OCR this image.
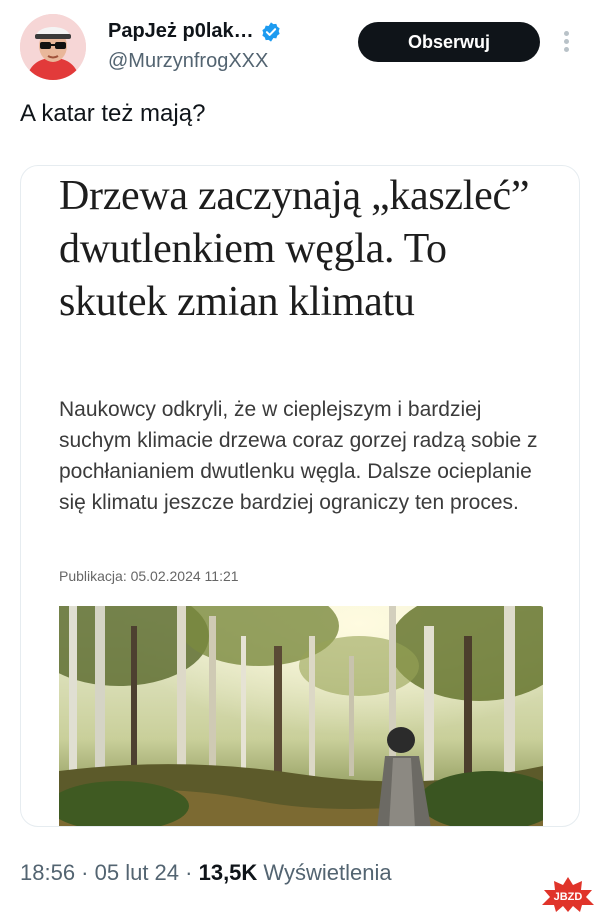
PapJeż p0lak…
@MurzynfrogXXX
Obserwuj
A katar też mają?
Drzewa zaczynają „kaszleć” dwutlenkiem węgla. To skutek zmian klimatu
Naukowcy odkryli, że w cieplejszym i bardziej suchym klimacie drzewa coraz gorzej radzą sobie z pochłanianiem dwutlenku węgla. Dalsze ocieplanie się klimatu jeszcze bardziej ograniczy ten proces.
Publikacja: 05.02.2024 11:21
18:56 · 05 lut 24 · 13,5K Wyświetlenia
JBZD
